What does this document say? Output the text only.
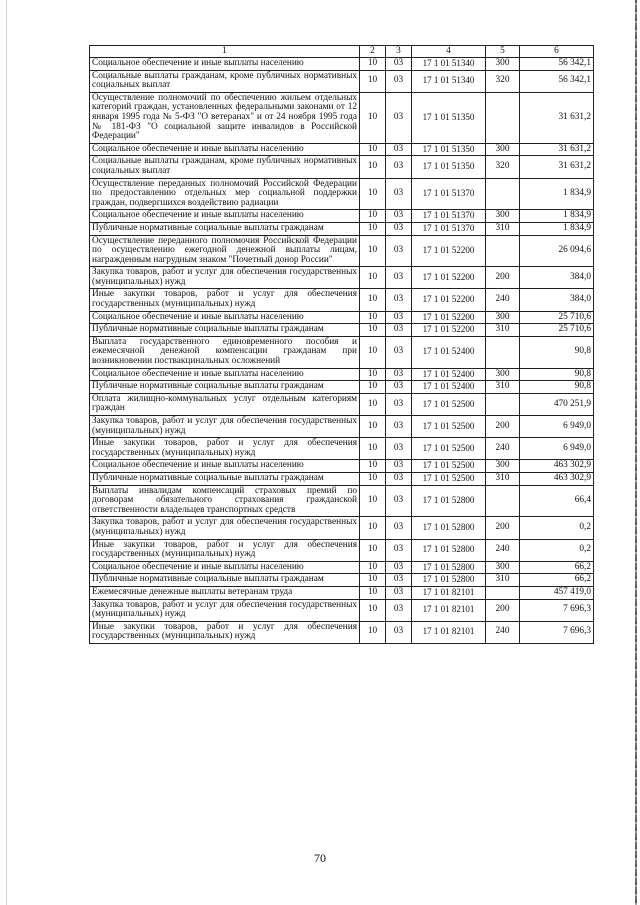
1	2	3	4	5	6
Социальное обеспечение и иные выплаты населению	10	03	17 1 01 51340	300	56 342,1
Социальные выплаты гражданам, кроме публичных нормативных социальных выплат	10	03	17 1 01 51340	320	56 342,1
Осуществление полномочий по обеспечению жильем отдельных категорий граждан, установленных федеральными законами от 12 января 1995 года № 5-ФЗ "О ветеранах" и от 24 ноября 1995 года № 181-ФЗ "О социальной защите инвалидов в Российской Федерации"	10	03	17 1 01 51350		31 631,2
Социальное обеспечение и иные выплаты населению	10	03	17 1 01 51350	300	31 631,2
Социальные выплаты гражданам, кроме публичных нормативных социальных выплат	10	03	17 1 01 51350	320	31 631,2
Осуществление переданных полномочий Российской Федерации по предоставлению отдельных мер социальной поддержки граждан, подвергшихся воздействию радиации	10	03	17 1 01 51370		1 834,9
Социальное обеспечение и иные выплаты населению	10	03	17 1 01 51370	300	1 834,9
Публичные нормативные социальные выплаты гражданам	10	03	17 1 01 51370	310	1 834,9
Осуществление переданного полномочия Российской Федерации по осуществлению ежегодной денежной выплаты лицам, награжденным нагрудным знаком "Почетный донор России"	10	03	17 1 01 52200		26 094,6
Закупка товаров, работ и услуг для обеспечения государственных (муниципальных) нужд	10	03	17 1 01 52200	200	384,0
Иные закупки товаров, работ и услуг для обеспечения государственных (муниципальных) нужд	10	03	17 1 01 52200	240	384,0
Социальное обеспечение и иные выплаты населению	10	03	17 1 01 52200	300	25 710,6
Публичные нормативные социальные выплаты гражданам	10	03	17 1 01 52200	310	25 710,6
Выплата государственного единовременного пособия и ежемесячной денежной компенсации гражданам при возникновении поствакцинальных осложнений	10	03	17 1 01 52400		90,8
Социальное обеспечение и иные выплаты населению	10	03	17 1 01 52400	300	90,8
Публичные нормативные социальные выплаты гражданам	10	03	17 1 01 52400	310	90,8
Оплата жилищно-коммунальных услуг отдельным категориям граждан	10	03	17 1 01 52500		470 251,9
Закупка товаров, работ и услуг для обеспечения государственных (муниципальных) нужд	10	03	17 1 01 52500	200	6 949,0
Иные закупки товаров, работ и услуг для обеспечения государственных (муниципальных) нужд	10	03	17 1 01 52500	240	6 949,0
Социальное обеспечение и иные выплаты населению	10	03	17 1 01 52500	300	463 302,9
Публичные нормативные социальные выплаты гражданам	10	03	17 1 01 52500	310	463 302,9
Выплаты инвалидам компенсаций страховых премий по договорам обязательного страхования гражданской ответственности владельцев транспортных средств	10	03	17 1 01 52800		66,4
Закупка товаров, работ и услуг для обеспечения государственных (муниципальных) нужд	10	03	17 1 01 52800	200	0,2
Иные закупки товаров, работ и услуг для обеспечения государственных (муниципальных) нужд	10	03	17 1 01 52800	240	0,2
Социальное обеспечение и иные выплаты населению	10	03	17 1 01 52800	300	66,2
Публичные нормативные социальные выплаты гражданам	10	03	17 1 01 52800	310	66,2
Ежемесячные денежные выплаты ветеранам труда	10	03	17 1 01 82101		457 419,0
Закупка товаров, работ и услуг для обеспечения государственных (муниципальных) нужд	10	03	17 1 01 82101	200	7 696,3
Иные закупки товаров, работ и услуг для обеспечения государственных (муниципальных) нужд	10	03	17 1 01 82101	240	7 696,3
70
